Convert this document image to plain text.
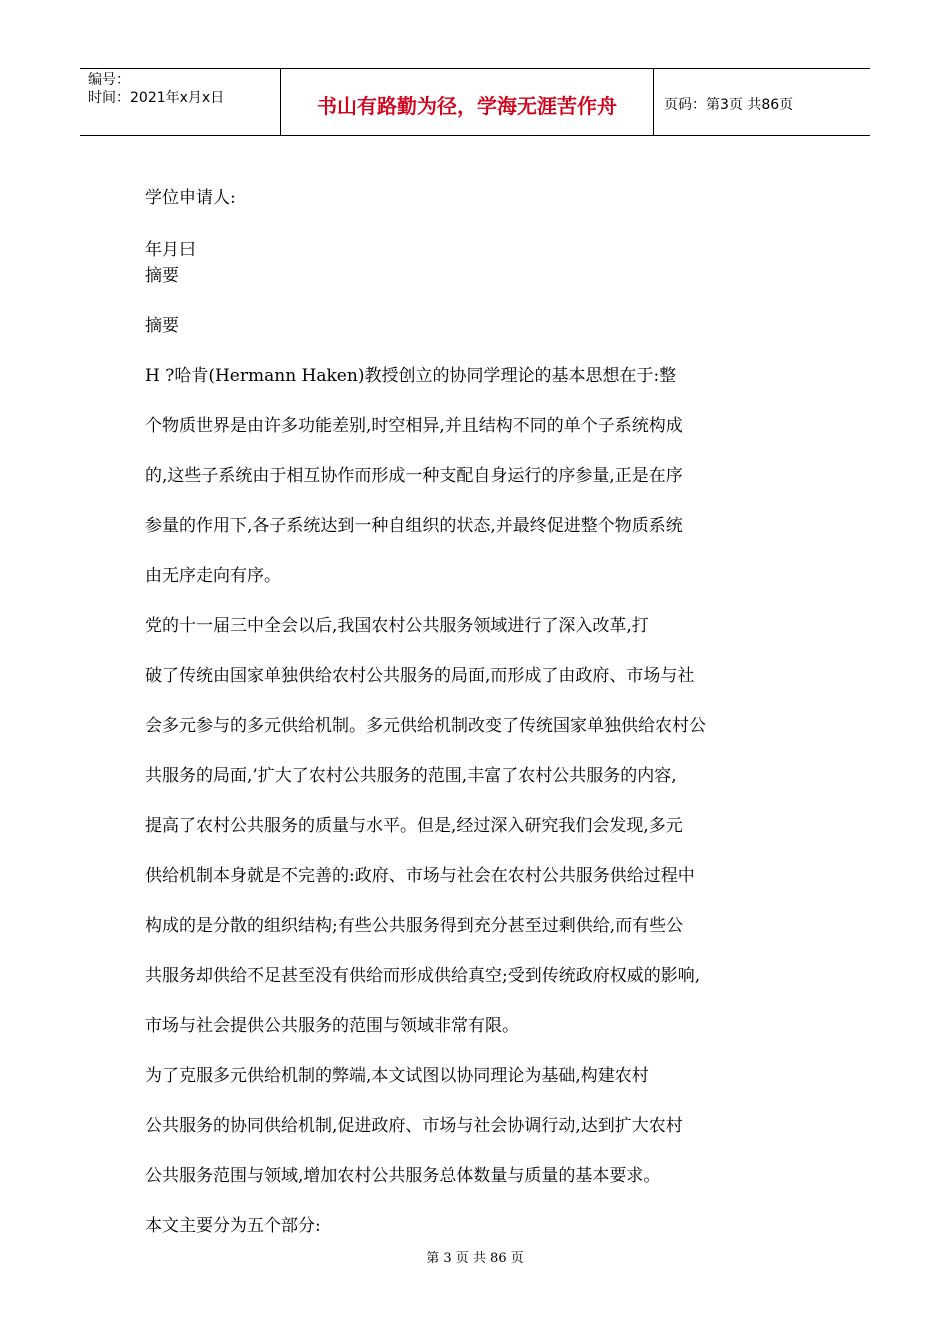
编号：
时间：2021年x月x日	书山有路勤为径，学海无涯苦作舟	页码：第3页 共86页

学位申请人:

年月曰

摘要

摘要

H ?哈肯(Hermann Haken)教授创立的协同学理论的基本思想在于:整

个物质世界是由许多功能差别,时空相异,并且结构不同的单个子系统构成

的,这些子系统由于相互协作而形成一种支配自身运行的序参量,正是在序

参量的作用下,各子系统达到一种自组织的状态,并最终促进整个物质系统

由无序走向有序。

党的十一届三中全会以后,我国农村公共服务领域进行了深入改革,打

破了传统由国家单独供给农村公共服务的局面,而形成了由政府、市场与社

会多元参与的多元供给机制。多元供给机制改变了传统国家单独供给农村公

共服务的局面,’扩大了农村公共服务的范围,丰富了农村公共服务的内容,

提高了农村公共服务的质量与水平。但是,经过深入研究我们会发现,多元

供给机制本身就是不完善的:政府、市场与社会在农村公共服务供给过程中

构成的是分散的组织结构;有些公共服务得到充分甚至过剩供给,而有些公

共服务却供给不足甚至没有供给而形成供给真空;受到传统政府权威的影响,

市场与社会提供公共服务的范围与领域非常有限。

为了克服多元供给机制的弊端,本文试图以协同理论为基础,构建农村

公共服务的协同供给机制,促进政府、市场与社会协调行动,达到扩大农村

公共服务范围与领域,增加农村公共服务总体数量与质量的基本要求。

本文主要分为五个部分:

第 3 页 共 86 页
